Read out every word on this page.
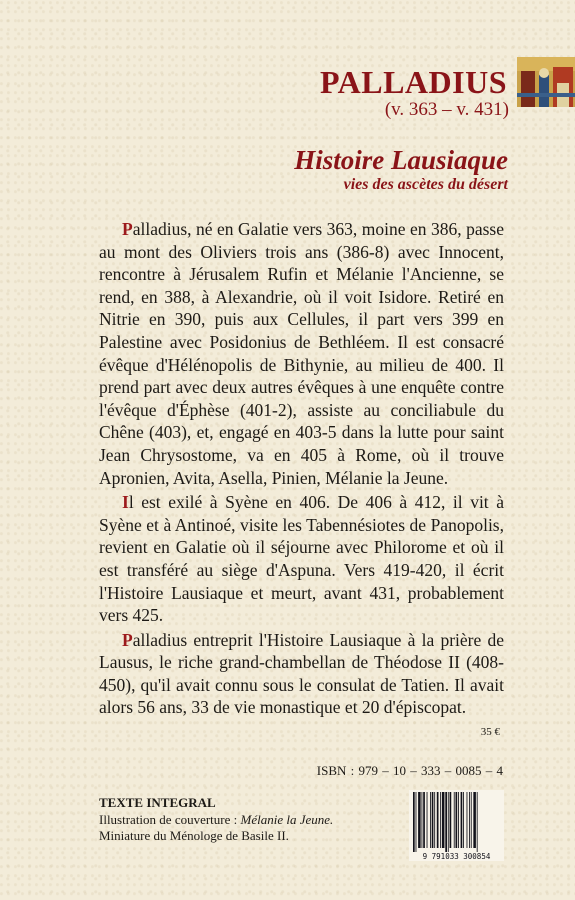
PALLADIUS
(v. 363 – v. 431)
Histoire Lausiaque
vies des ascètes du désert

Palladius, né en Galatie vers 363, moine en 386, passe au mont des Oliviers trois ans (386-8) avec Innocent, rencontre à Jérusalem Rufin et Mélanie l'Ancienne, se rend, en 388, à Alexandrie, où il voit Isidore. Retiré en Nitrie en 390, puis aux Cellules, il part vers 399 en Palestine avec Posidonius de Bethléem. Il est consacré évêque d'Hélénopolis de Bithynie, au milieu de 400. Il prend part avec deux autres évêques à une enquête contre l'évêque d'Éphèse (401-2), assiste au conciliabule du Chêne (403), et, engagé en 403-5 dans la lutte pour saint Jean Chrysostome, va en 405 à Rome, où il trouve Apronien, Avita, Asella, Pinien, Mélanie la Jeune.

Il est exilé à Syène en 406. De 406 à 412, il vit à Syène et à Antinoé, visite les Tabennésiotes de Panopolis, revient en Galatie où il séjourne avec Philorome et où il est transféré au siège d'Aspuna. Vers 419-420, il écrit l'Histoire Lausiaque et meurt, avant 431, probablement vers 425.

Palladius entreprit l'Histoire Lausiaque à la prière de Lausus, le riche grand-chambellan de Théodose II (408-450), qu'il avait connu sous le consulat de Tatien. Il avait alors 56 ans, 33 de vie monastique et 20 d'épiscopat.

35 €
ISBN : 979 – 10 – 333 – 0085 – 4
TEXTE INTEGRAL
Illustration de couverture : Mélanie la Jeune.
Miniature du Ménologe de Basile II.
9 791033 300854
